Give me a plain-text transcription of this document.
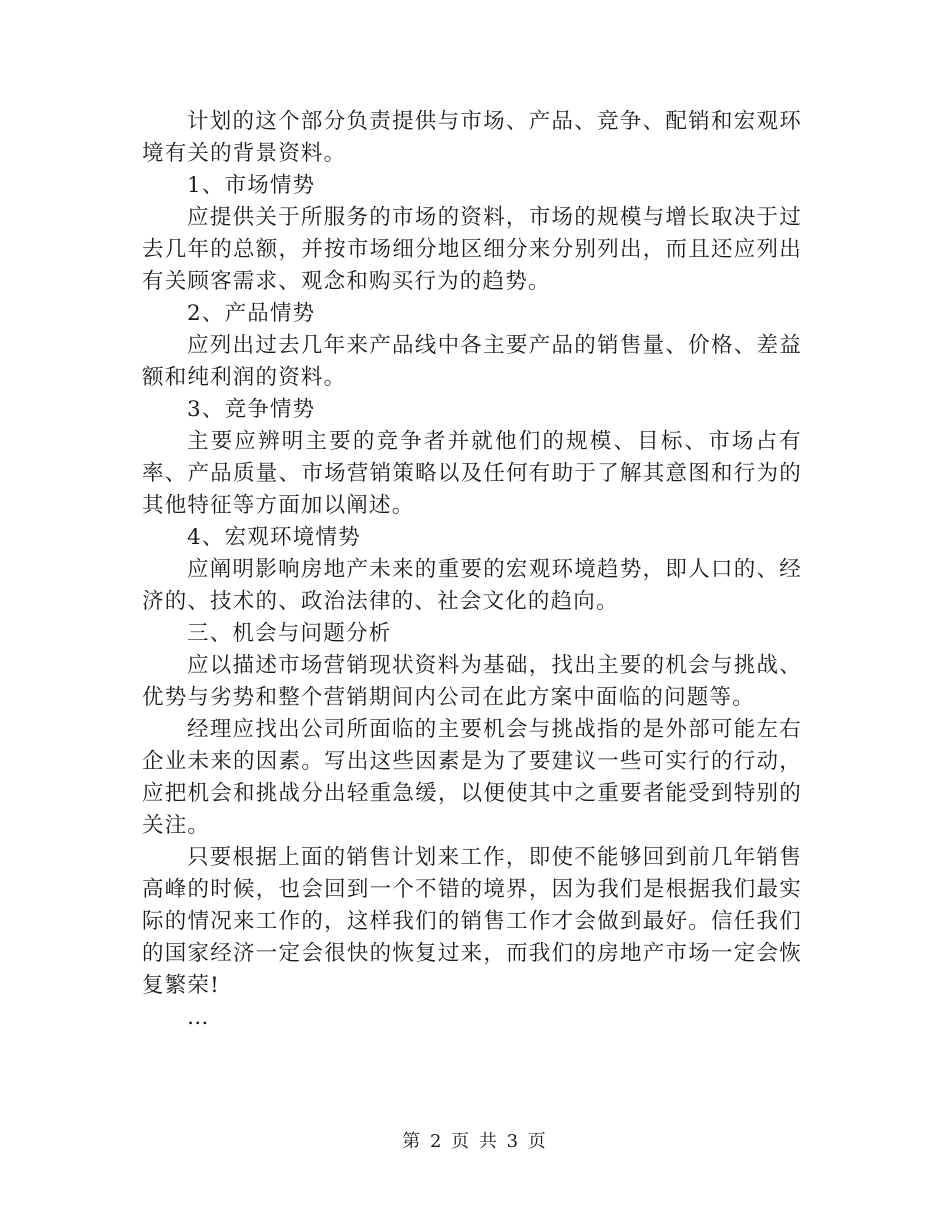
计划的这个部分负责提供与市场、产品、竞争、配销和宏观环境有关的背景资料。

1、市场情势

应提供关于所服务的市场的资料，市场的规模与增长取决于过去几年的总额，并按市场细分地区细分来分别列出，而且还应列出有关顾客需求、观念和购买行为的趋势。

2、产品情势

应列出过去几年来产品线中各主要产品的销售量、价格、差益额和纯利润的资料。

3、竞争情势

主要应辨明主要的竞争者并就他们的规模、目标、市场占有率、产品质量、市场营销策略以及任何有助于了解其意图和行为的其他特征等方面加以阐述。

4、宏观环境情势

应阐明影响房地产未来的重要的宏观环境趋势，即人口的、经济的、技术的、政治法律的、社会文化的趋向。

三、机会与问题分析

应以描述市场营销现状资料为基础，找出主要的机会与挑战、优势与劣势和整个营销期间内公司在此方案中面临的问题等。

经理应找出公司所面临的主要机会与挑战指的是外部可能左右企业未来的因素。写出这些因素是为了要建议一些可实行的行动，应把机会和挑战分出轻重急缓，以便使其中之重要者能受到特别的关注。

只要根据上面的销售计划来工作，即使不能够回到前几年销售高峰的时候，也会回到一个不错的境界，因为我们是根据我们最实际的情况来工作的，这样我们的销售工作才会做到最好。信任我们的国家经济一定会很快的恢复过来，而我们的房地产市场一定会恢复繁荣!

…

第 2 页 共 3 页
